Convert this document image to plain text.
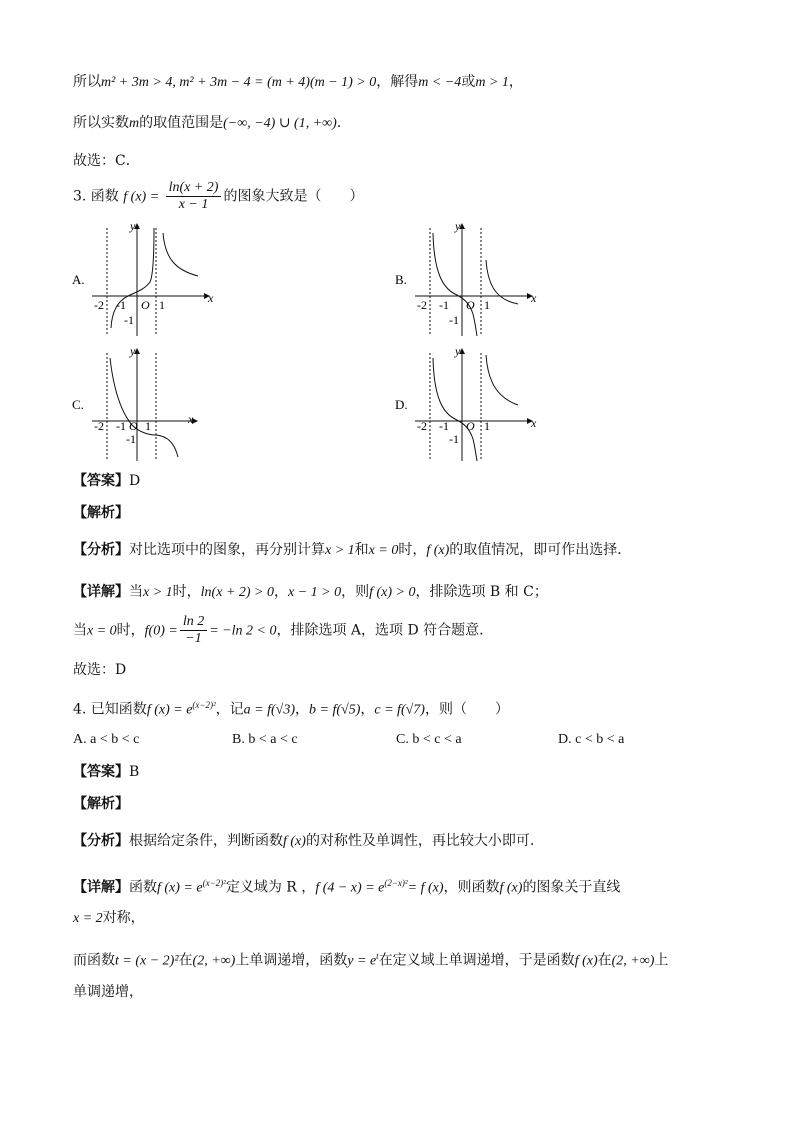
所以m² + 3m > 4, m² + 3m − 4 = (m + 4)(m − 1) > 0，解得m < −4或m > 1，
所以实数m的取值范围是(−∞, −4) ∪ (1, +∞)．
故选：C．
3. 函数 f $(x) = \frac{\ln(x + 2)}{x - 1}$ 的图象大致是（　　）
A.
x
y
-2 -1 O 1
-1
B.
x
y
-2 -1 O 1
-1
C.
x
y
-2 -1 O 1
-1
D.
x
y
-2 -1 O 1
-1
【答案】D
【解析】
【分析】对比选项中的图象，再分别计算x > 1和x = 0时，f (x)的取值情况，即可作出选择．
【详解】当x > 1时，ln(x + 2) > 0，x − 1 > 0，则f (x) > 0，排除选项 B 和 C；
当x = 0时，$f(0) = \frac{\ln 2}{-1} = -\ln$ 2 < 0，排除选项 A，选项 D 符合题意.
故选：D
4. 已知函数f $(x) = e^{(x-2)^2}$，记a = f(√3)，b = f(√5)，c = f(√7)，则（　　）
A. a < b < c	B. b < a < c	C. b < c < a	D. c < b < a
【答案】B
【解析】
【分析】根据给定条件，判断函数f (x)的对称性及单调性，再比较大小即可.
【详解】函数f $(x) = e^{(x-2)^2}$定义域为 R ，f $(4 - x) = e^{(2-x)^2}= f$ (x)，则函数f (x)的图象关于直线
x = 2对称，
而函数t = (x − 2)²在(2, +∞)上单调递增，函数$y = e^t$在定义域上单调递增，于是函数f (x)在(2, +∞)上
单调递增，
